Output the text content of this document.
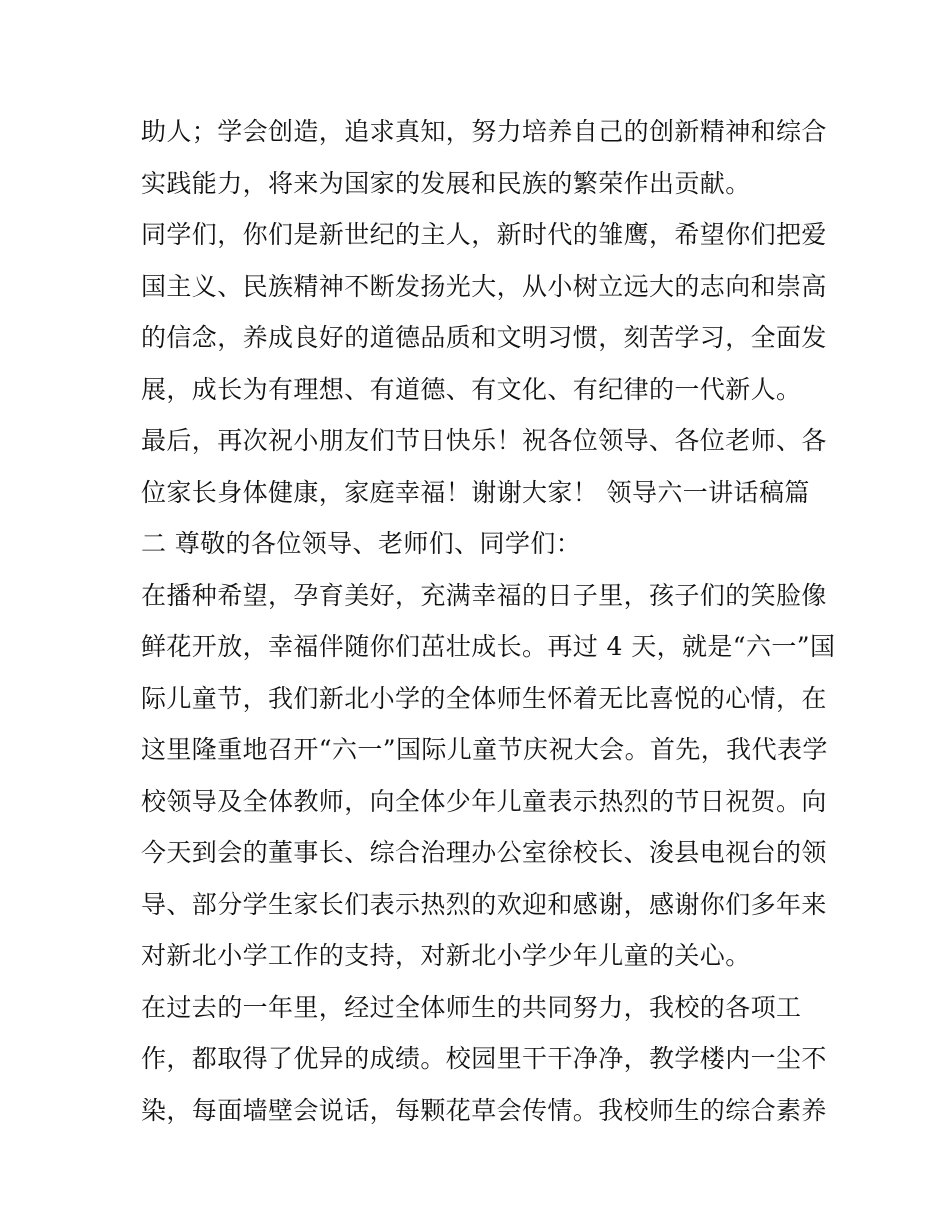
助人；学会创造，追求真知，努力培养自己的创新精神和综合
实践能力，将来为国家的发展和民族的繁荣作出贡献。
同学们，你们是新世纪的主人，新时代的雏鹰，希望你们把爱
国主义、民族精神不断发扬光大，从小树立远大的志向和崇高
的信念，养成良好的道德品质和文明习惯，刻苦学习，全面发
展，成长为有理想、有道德、有文化、有纪律的一代新人。
最后，再次祝小朋友们节日快乐！祝各位领导、各位老师、各
位家长身体健康，家庭幸福！谢谢大家！ 领导六一讲话稿篇
二 尊敬的各位领导、老师们、同学们：
在播种希望，孕育美好，充满幸福的日子里，孩子们的笑脸像
鲜花开放，幸福伴随你们茁壮成长。再过 4 天，就是“六一”国
际儿童节，我们新北小学的全体师生怀着无比喜悦的心情，在
这里隆重地召开“六一”国际儿童节庆祝大会。首先，我代表学
校领导及全体教师，向全体少年儿童表示热烈的节日祝贺。向
今天到会的董事长、综合治理办公室徐校长、浚县电视台的领
导、部分学生家长们表示热烈的欢迎和感谢，感谢你们多年来
对新北小学工作的支持，对新北小学少年儿童的关心。
在过去的一年里，经过全体师生的共同努力，我校的各项工
作，都取得了优异的成绩。校园里干干净净，教学楼内一尘不
染，每面墙壁会说话，每颗花草会传情。我校师生的综合素养
